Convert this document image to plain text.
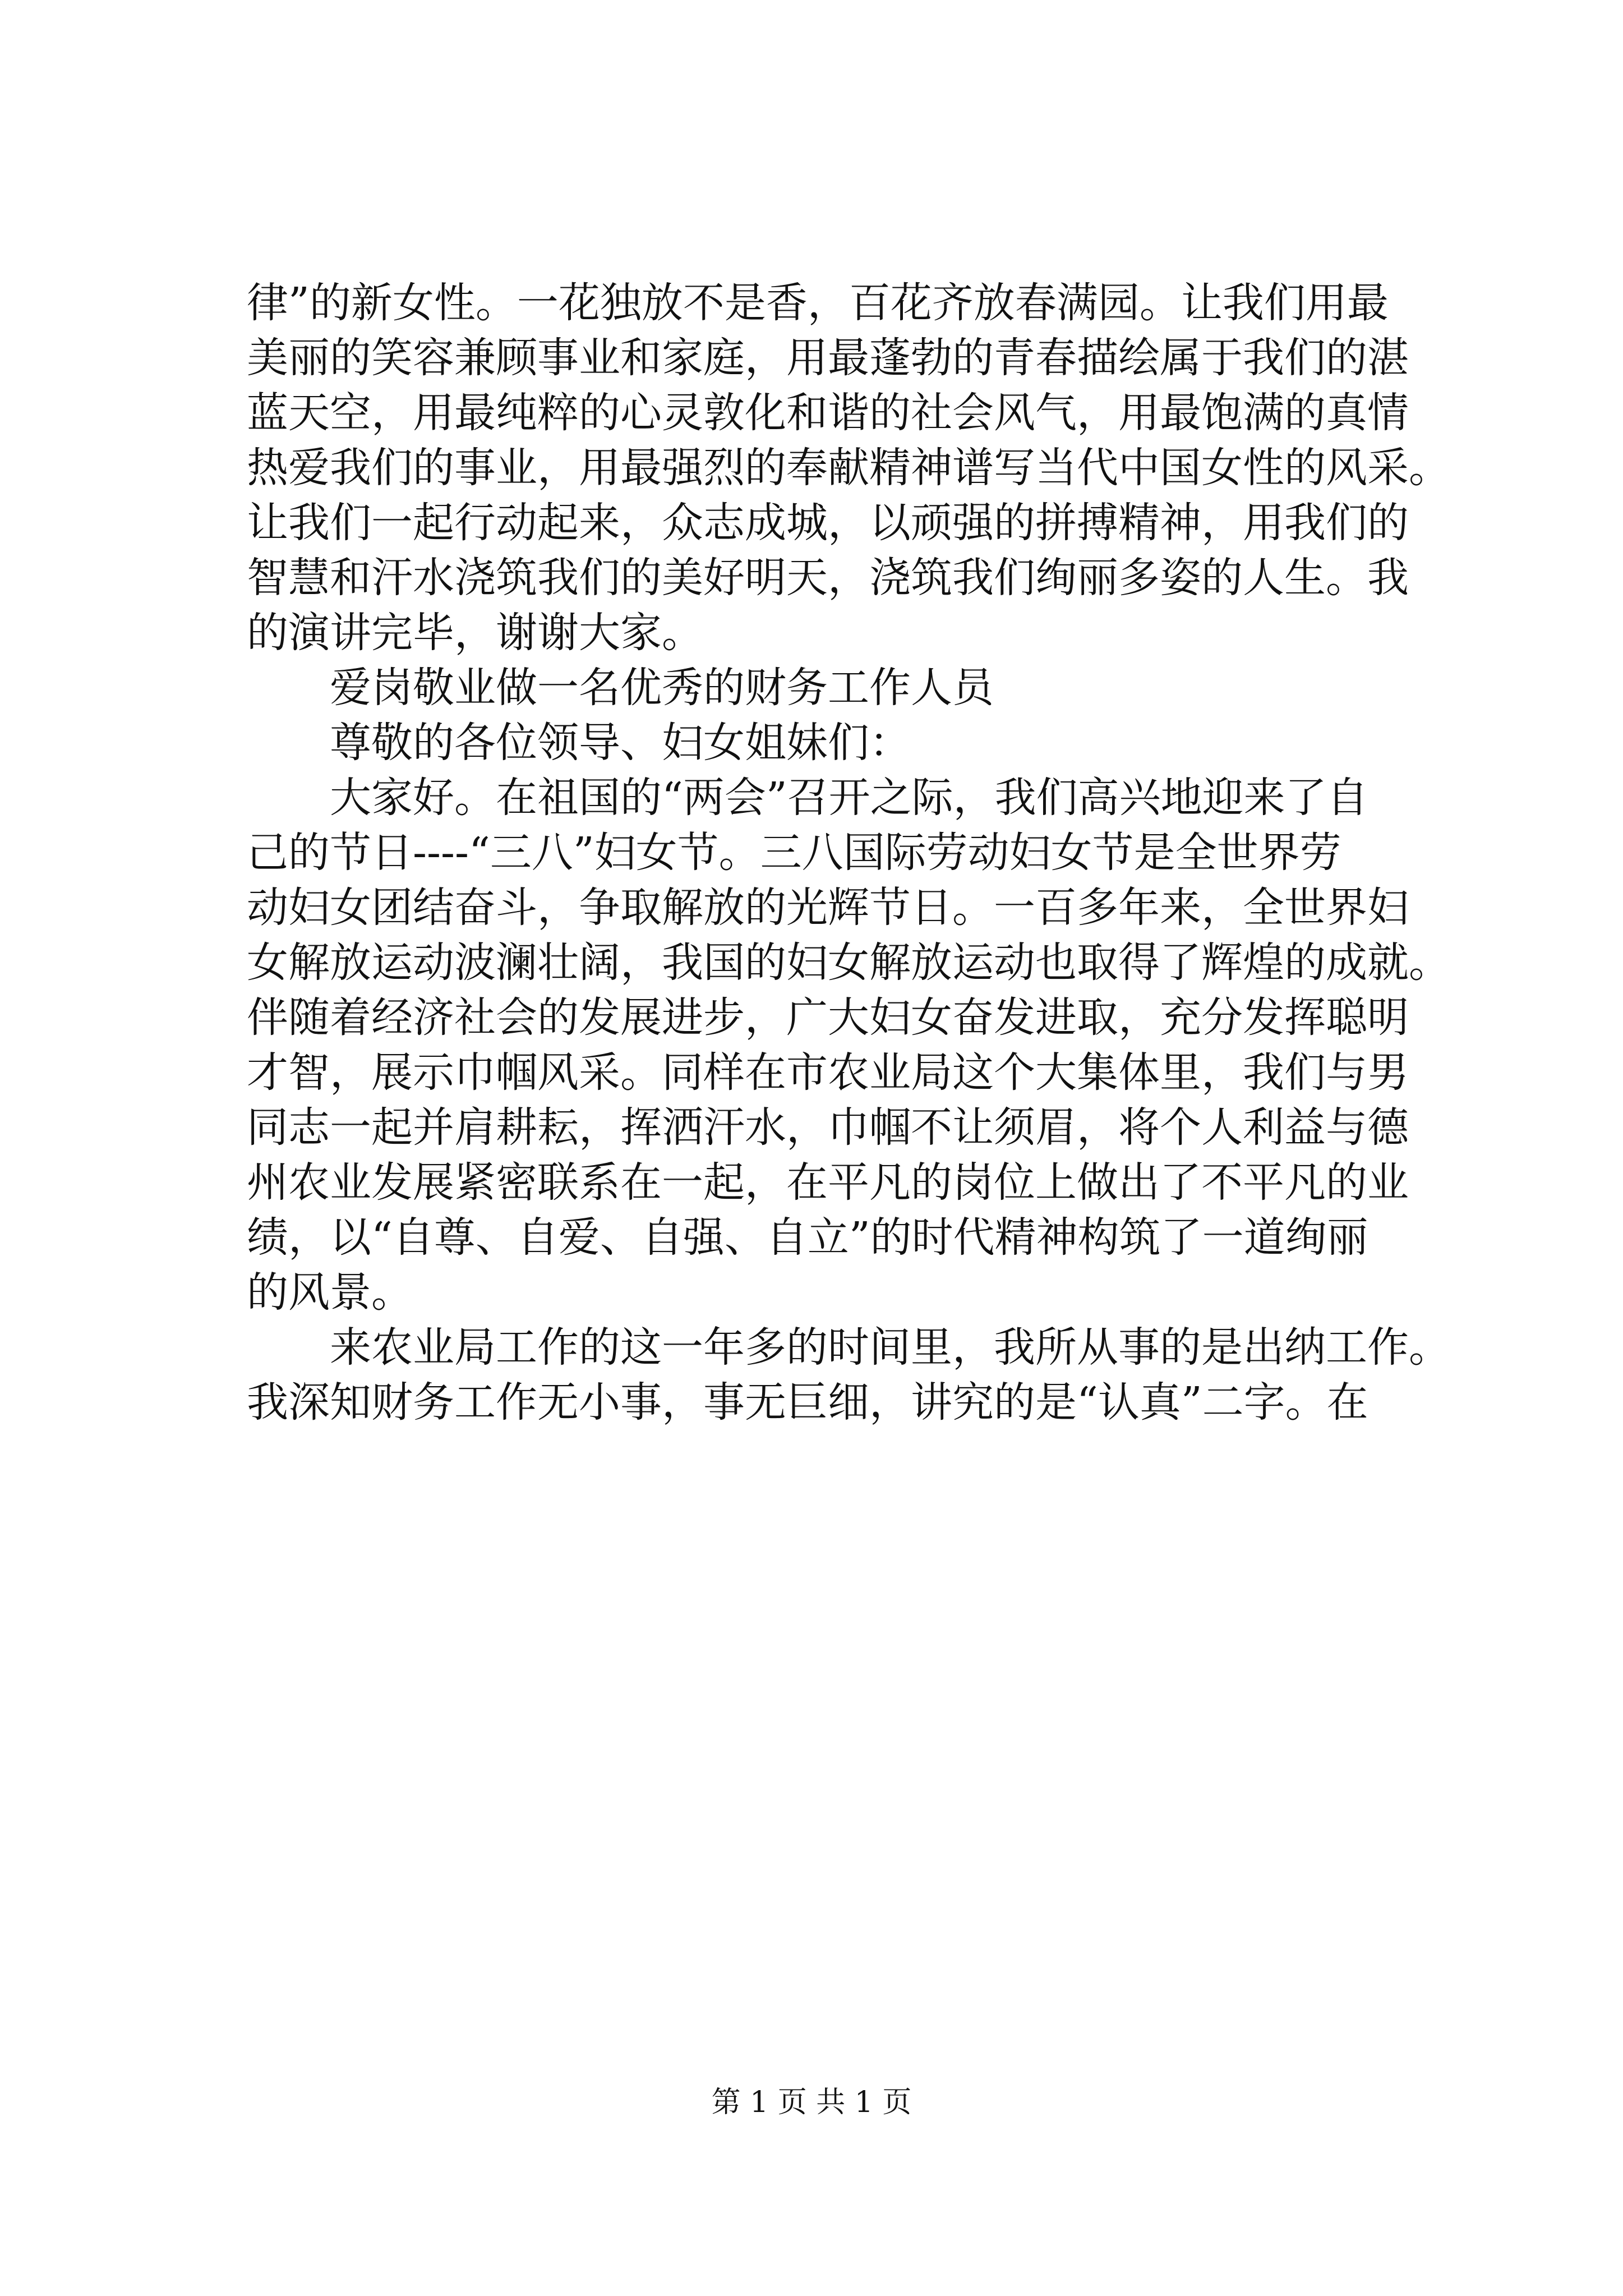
律”的新女性。一花独放不是香，百花齐放春满园。让我们用最

美丽的笑容兼顾事业和家庭，用最蓬勃的青春描绘属于我们的湛

蓝天空，用最纯粹的心灵敦化和谐的社会风气，用最饱满的真情

热爱我们的事业，用最强烈的奉献精神谱写当代中国女性的风采。

让我们一起行动起来，众志成城，以顽强的拼搏精神，用我们的

智慧和汗水浇筑我们的美好明天，浇筑我们绚丽多姿的人生。我

的演讲完毕，谢谢大家。

　　爱岗敬业做一名优秀的财务工作人员

　　尊敬的各位领导、妇女姐妹们：

　　大家好。在祖国的“两会”召开之际，我们高兴地迎来了自

己的节日----“三八”妇女节。三八国际劳动妇女节是全世界劳

动妇女团结奋斗，争取解放的光辉节日。一百多年来，全世界妇

女解放运动波澜壮阔，我国的妇女解放运动也取得了辉煌的成就。

伴随着经济社会的发展进步，广大妇女奋发进取，充分发挥聪明

才智，展示巾帼风采。同样在市农业局这个大集体里，我们与男

同志一起并肩耕耘，挥洒汗水，巾帼不让须眉，将个人利益与德

州农业发展紧密联系在一起，在平凡的岗位上做出了不平凡的业

绩，以“自尊、自爱、自强、自立”的时代精神构筑了一道绚丽

的风景。

　　来农业局工作的这一年多的时间里，我所从事的是出纳工作。

我深知财务工作无小事，事无巨细，讲究的是“认真”二字。在

第 1 页 共 1 页
